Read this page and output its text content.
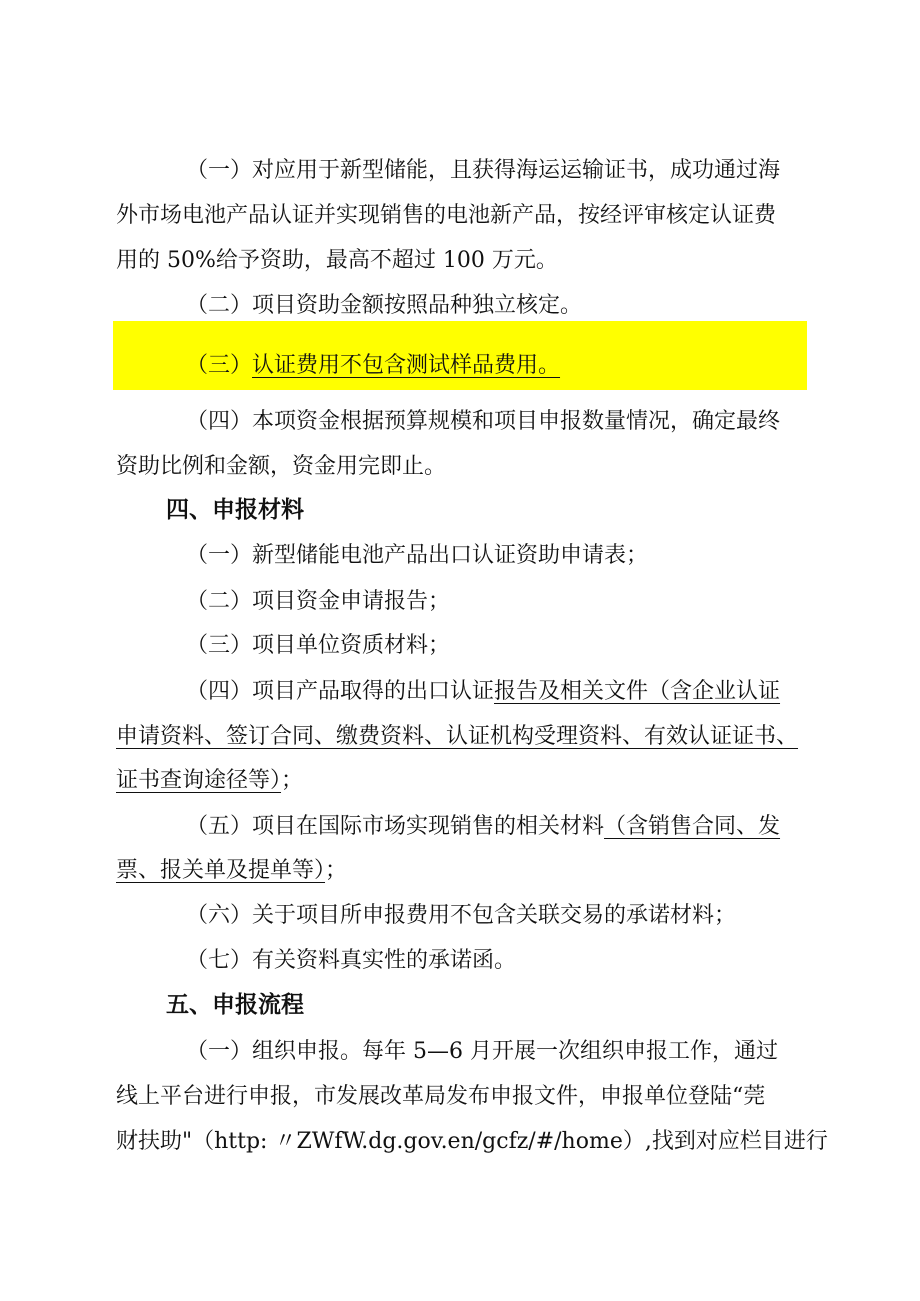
（一）对应用于新型储能，且获得海运运输证书，成功通过海
外市场电池产品认证并实现销售的电池新产品，按经评审核定认证费
用的 50%给予资助，最高不超过 100 万元。
（二）项目资助金额按照品种独立核定。
（三）认证费用不包含测试样品费用。
（四）本项资金根据预算规模和项目申报数量情况，确定最终
资助比例和金额，资金用完即止。
四、申报材料
（一）新型储能电池产品出口认证资助申请表；
（二）项目资金申请报告；
（三）项目单位资质材料；
（四）项目产品取得的出口认证报告及相关文件（含企业认证
申请资料、签订合同、缴费资料、认证机构受理资料、有效认证证书、
证书查询途径等）；
（五）项目在国际市场实现销售的相关材料（含销售合同、发
票、报关单及提单等）；
（六）关于项目所申报费用不包含关联交易的承诺材料；
（七）有关资料真实性的承诺函。
五、申报流程
（一）组织申报。每年 5—6 月开展一次组织申报工作，通过
线上平台进行申报，市发展改革局发布申报文件，申报单位登陆“莞
财扶助"（http: 〃ZWfW.dg.gov.en/gcfz/#/home）,找到对应栏目进行
